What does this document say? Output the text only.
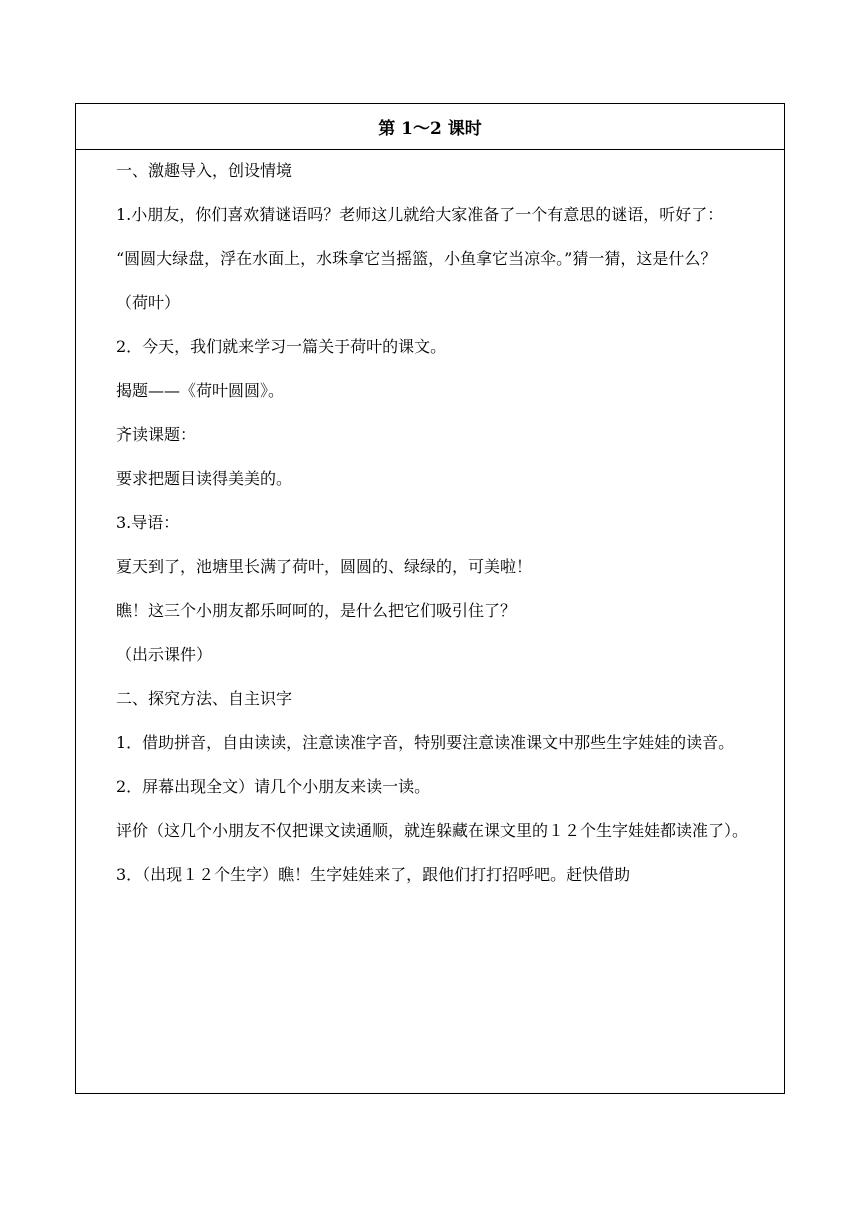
第 1～2 课时

一、激趣导入，创设情境

1.小朋友，你们喜欢猜谜语吗？老师这儿就给大家准备了一个有意思的谜语，听好了：

“圆圆大绿盘，浮在水面上，水珠拿它当摇篮，小鱼拿它当凉伞。”猜一猜，这是什么？

（荷叶）

2．今天，我们就来学习一篇关于荷叶的课文。

揭题——《荷叶圆圆》。

齐读课题：

要求把题目读得美美的。

3.导语：

夏天到了，池塘里长满了荷叶，圆圆的、绿绿的，可美啦！

瞧！这三个小朋友都乐呵呵的，是什么把它们吸引住了？

（出示课件）

二、探究方法、自主识字

1．借助拼音，自由读读，注意读准字音，特别要注意读准课文中那些生字娃娃的读音。

2．屏幕出现全文）请几个小朋友来读一读。

评价（这几个小朋友不仅把课文读通顺，就连躲藏在课文里的１２个生字娃娃都读准了）。

3．（出现１２个生字）瞧！生字娃娃来了，跟他们打打招呼吧。赶快借助
